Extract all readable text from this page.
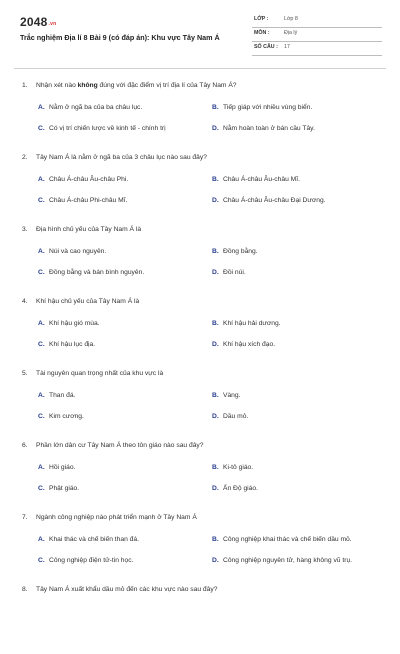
2048.vn
Trắc nghiệm Địa lí 8 Bài 9 (có đáp án): Khu vực Tây Nam Á
LỚP :	Lớp 8
MÔN :	Địa lý
SỐ CÂU : 17
1. Nhận xét nào không đúng với đặc điểm vị trí địa lí của Tây Nam Á?
A. Nằm ở ngã ba của ba châu lục.	B. Tiếp giáp với nhiều vùng biển.
C. Có vị trí chiến lược về kinh tế - chính trị	D. Nằm hoàn toàn ở bán cầu Tây.
2. Tây Nam Á là nằm ở ngã ba của 3 châu lục nào sau đây?
A. Châu Á-châu Âu-châu Phi.	B. Châu Á-châu Âu-châu Mĩ.
C. Châu Á-châu Phi-châu Mĩ.	D. Châu Á-châu Âu-châu Đại Dương.
3. Địa hình chủ yếu của Tây Nam Á là
A. Núi và cao nguyên.	B. Đồng bằng.
C. Đồng bằng và bán bình nguyên.	D. Đồi núi.
4. Khí hậu chủ yếu của Tây Nam Á là
A. Khí hậu gió mùa.	B. Khí hậu hải dương.
C. Khí hậu lục địa.	D. Khí hậu xích đạo.
5. Tài nguyên quan trọng nhất của khu vực là
A. Than đá.	B. Vàng.
C. Kim cương.	D. Dầu mỏ.
6. Phần lớn dân cư Tây Nam Á theo tôn giáo nào sau đây?
A. Hồi giáo.	B. Ki-tô giáo.
C. Phật giáo.	D. Ấn Độ giáo.
7. Ngành công nghiệp nào phát triển mạnh ở Tây Nam Á
A. Khai thác và chế biến than đá.	B. Công nghiệp khai thác và chế biến dầu mỏ.
C. Công nghiệp điện tử-tin học.	D. Công nghiệp nguyên tử, hàng không vũ trụ.
8. Tây Nam Á xuất khẩu dầu mỏ đến các khu vực nào sau đây?
